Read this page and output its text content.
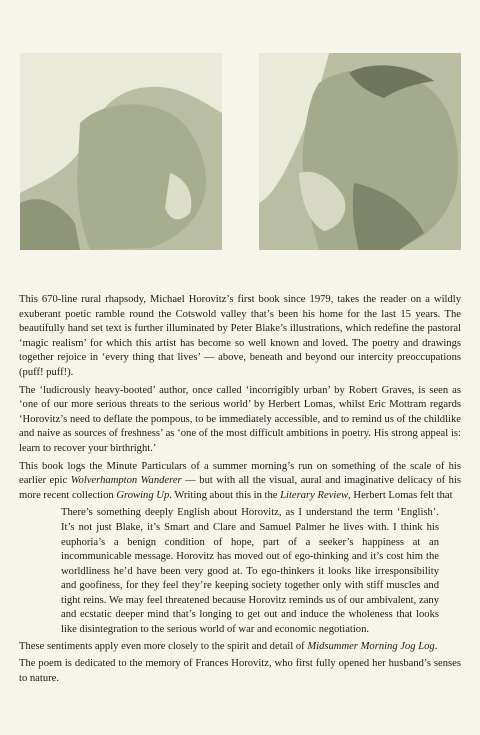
This 670-line rural rhapsody, Michael Horovitz’s first book since 1979, takes the reader on a wildly exuberant poetic ramble round the Cotswold valley that’s been his home for the last 15 years. The beautifully hand set text is further illuminated by Peter Blake’s illustrations, which redefine the pastoral ‘magic realism’ for which this artist has become so well known and loved. The poetry and drawings together rejoice in ‘every thing that lives’ — above, beneath and beyond our intercity preoccupations (puff! puff!).

The ‘ludicrously heavy-booted’ author, once called ‘incorrigibly urban’ by Robert Graves, is seen as ‘one of our more serious threats to the serious world’ by Herbert Lomas, whilst Eric Mottram regards ‘Horovitz’s need to deflate the pompous, to be immediately accessible, and to remind us of the childlike and naive as sources of freshness’ as ‘one of the most difficult ambitions in poetry. His strong appeal is: learn to recover your birthright.’

This book logs the Minute Particulars of a summer morning’s run on something of the scale of his earlier epic Wolverhampton Wanderer — but with all the visual, aural and imaginative delicacy of his more recent collection Growing Up. Writing about this in the Literary Review, Herbert Lomas felt that

There’s something deeply English about Horovitz, as I understand the term ‘English’. It’s not just Blake, it’s Smart and Clare and Samuel Palmer he lives with. I think his euphoria’s a benign condition of hope, part of a seeker’s happiness at an incommunicable message. Horovitz has moved out of ego-thinking and it’s cost him the worldliness he’d have been very good at. To ego-thinkers it looks like irresponsibility and goofiness, for they feel they’re keeping society together only with stiff muscles and tight reins. We may feel threatened because Horovitz reminds us of our ambivalent, zany and ecstatic deeper mind that’s longing to get out and induce the wholeness that looks like disintegration to the serious world of war and economic negotiation.

These sentiments apply even more closely to the spirit and detail of Midsummer Morning Jog Log.

The poem is dedicated to the memory of Frances Horovitz, who first fully opened her husband’s senses to nature.
